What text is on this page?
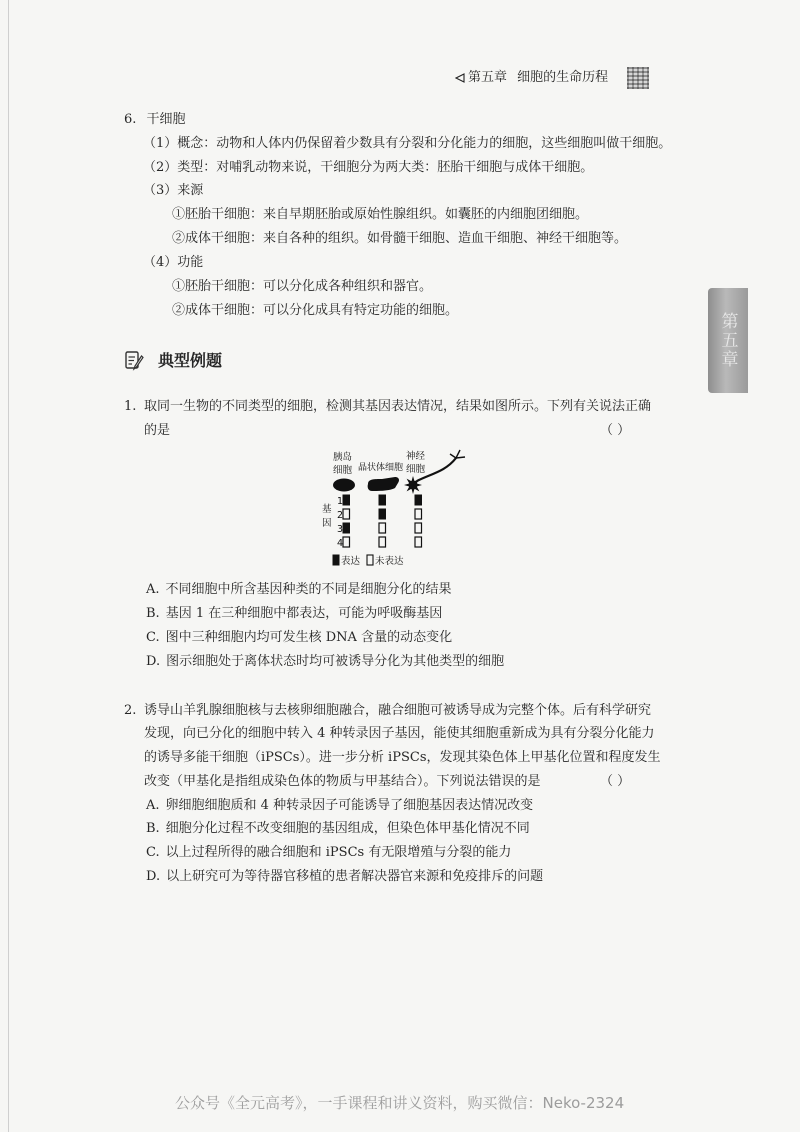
第五章 细胞的生命历程
第五章
6. 干细胞
（1）概念：动物和人体内仍保留着少数具有分裂和分化能力的细胞，这些细胞叫做干细胞。
（2）类型：对哺乳动物来说，干细胞分为两大类：胚胎干细胞与成体干细胞。
（3）来源
①胚胎干细胞：来自早期胚胎或原始性腺组织。如囊胚的内细胞团细胞。
②成体干细胞：来自各种的组织。如骨髓干细胞、造血干细胞、神经干细胞等。
（4）功能
①胚胎干细胞：可以分化成各种组织和器官。
②成体干细胞：可以分化成具有特定功能的细胞。
典型例题
1. 取同一生物的不同类型的细胞，检测其基因表达情况，结果如图所示。下列有关说法正确
的是	（ ）
胰岛
细胞 晶状体细胞
神经
细胞
基
因
1
2
3
4
表达 未表达
A. 不同细胞中所含基因种类的不同是细胞分化的结果
B. 基因 1 在三种细胞中都表达，可能为呼吸酶基因
C. 图中三种细胞内均可发生核 DNA 含量的动态变化
D. 图示细胞处于离体状态时均可被诱导分化为其他类型的细胞
2. 诱导山羊乳腺细胞核与去核卵细胞融合，融合细胞可被诱导成为完整个体。后有科学研究
发现，向已分化的细胞中转入 4 种转录因子基因，能使其细胞重新成为具有分裂分化能力
的诱导多能干细胞（iPSCs）。进一步分析 iPSCs，发现其染色体上甲基化位置和程度发生
改变（甲基化是指组成染色体的物质与甲基结合）。下列说法错误的是	（ ）
A. 卵细胞细胞质和 4 种转录因子可能诱导了细胞基因表达情况改变
B. 细胞分化过程不改变细胞的基因组成，但染色体甲基化情况不同
C. 以上过程所得的融合细胞和 iPSCs 有无限增殖与分裂的能力
D. 以上研究可为等待器官移植的患者解决器官来源和免疫排斥的问题
公众号《全元高考》，一手课程和讲义资料，购买微信：Neko-2324
